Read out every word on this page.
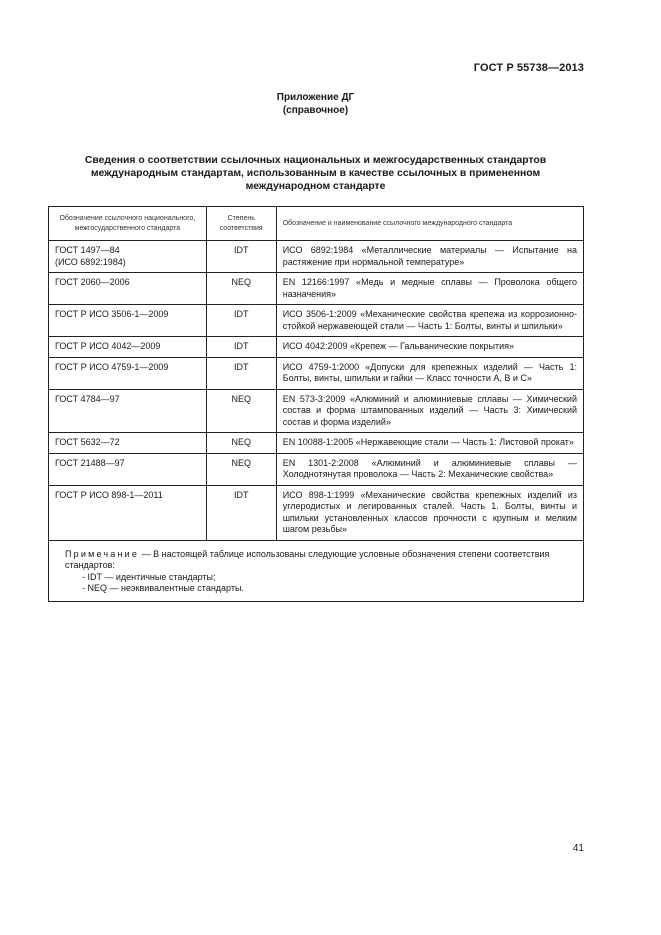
ГОСТ Р 55738—2013
Приложение ДГ
(справочное)
Сведения о соответствии ссылочных национальных и межгосударственных стандартов международным стандартам, использованным в качестве ссылочных в примененном международном стандарте
Обозначение ссылочного национального, межгосударственного стандарта	Степень соответствия	Обозначение и наименование ссылочного международного стандарта

ГОСТ 1497—84
(ИСО 6892:1984)	IDT	ИСО 6892:1984 «Металлические материалы — Испытание на растяжение при нормальной температуре»

ГОСТ 2060—2006	NEQ	EN 12166:1997 «Медь и медные сплавы — Проволока общего назначения»

ГОСТ Р ИСО 3506-1—2009	IDT	ИСО 3506-1:2009 «Механические свойства крепежа из коррозионно-стойкой нержавеющей стали — Часть 1: Болты, винты и шпильки»

ГОСТ Р ИСО 4042—2009	IDT	ИСО 4042:2009 «Крепеж — Гальванические покрытия»

ГОСТ Р ИСО 4759-1—2009	IDT	ИСО 4759-1:2000 «Допуски для крепежных изделий — Часть 1: Болты, винты, шпильки и гайки — Класс точности A, B и C»

ГОСТ 4784—97	NEQ	EN 573-3:2009 «Алюминий и алюминиевые сплавы — Химический состав и форма штампованных изделий — Часть 3: Химический состав и форма изделий»

ГОСТ 5632—72	NEQ	EN 10088-1:2005 «Нержавеющие стали — Часть 1: Листовой прокат»

ГОСТ 21488—97	NEQ	EN 1301-2:2008 «Алюминий и алюминиевые сплавы — Холоднотянутая проволока — Часть 2: Механические свойства»

ГОСТ Р ИСО 898-1—2011	IDT	ИСО 898-1:1999 «Механические свойства крепежных изделий из углеродистых и легированных сталей. Часть 1. Болты, винты и шпильки установленных классов прочности с крупным и мелким шагом резьбы»
Примечание — В настоящей таблице использованы следующие условные обозначения степени соответствия стандартов:
- IDT — идентичные стандарты;
- NEQ — неэквивалентные стандарты.		
41
